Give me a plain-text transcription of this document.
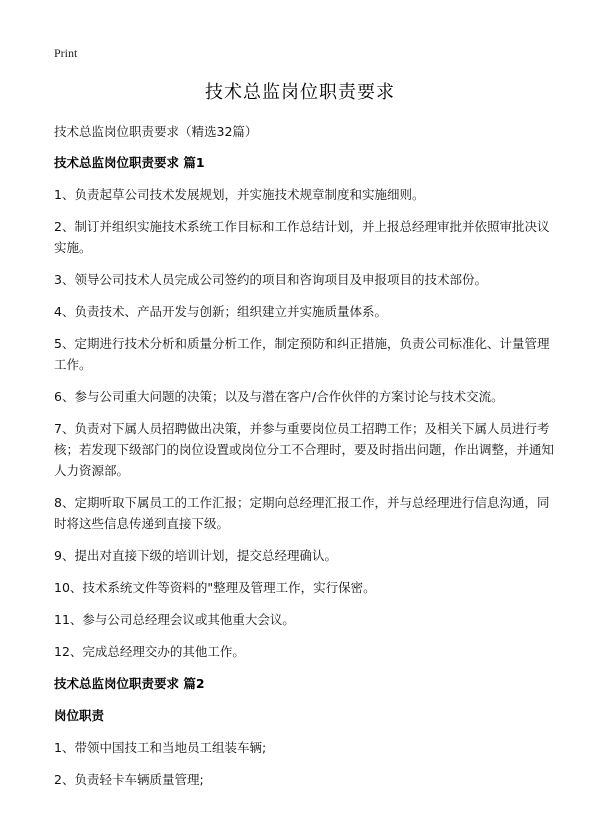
Print
技术总监岗位职责要求

技术总监岗位职责要求（精选32篇）

技术总监岗位职责要求 篇1

1、负责起草公司技术发展规划，并实施技术规章制度和实施细则。

2、制订并组织实施技术系统工作目标和工作总结计划，并上报总经理审批并依照审批决议实施。

3、领导公司技术人员完成公司签约的项目和咨询项目及申报项目的技术部份。

4、负责技术、产品开发与创新；组织建立并实施质量体系。

5、定期进行技术分析和质量分析工作，制定预防和纠正措施，负责公司标准化、计量管理工作。

6、参与公司重大问题的决策；以及与潜在客户/合作伙伴的方案讨论与技术交流。

7、负责对下属人员招聘做出决策，并参与重要岗位员工招聘工作；及相关下属人员进行考核；若发现下级部门的岗位设置或岗位分工不合理时，要及时指出问题，作出调整，并通知人力资源部。

8、定期听取下属员工的工作汇报；定期向总经理汇报工作，并与总经理进行信息沟通，同时将这些信息传递到直接下级。

9、提出对直接下级的培训计划，提交总经理确认。

10、技术系统文件等资料的"整理及管理工作，实行保密。

11、参与公司总经理会议或其他重大会议。

12、完成总经理交办的其他工作。

技术总监岗位职责要求 篇2

岗位职责

1、带领中国技工和当地员工组装车辆;

2、负责轻卡车辆质量管理;
